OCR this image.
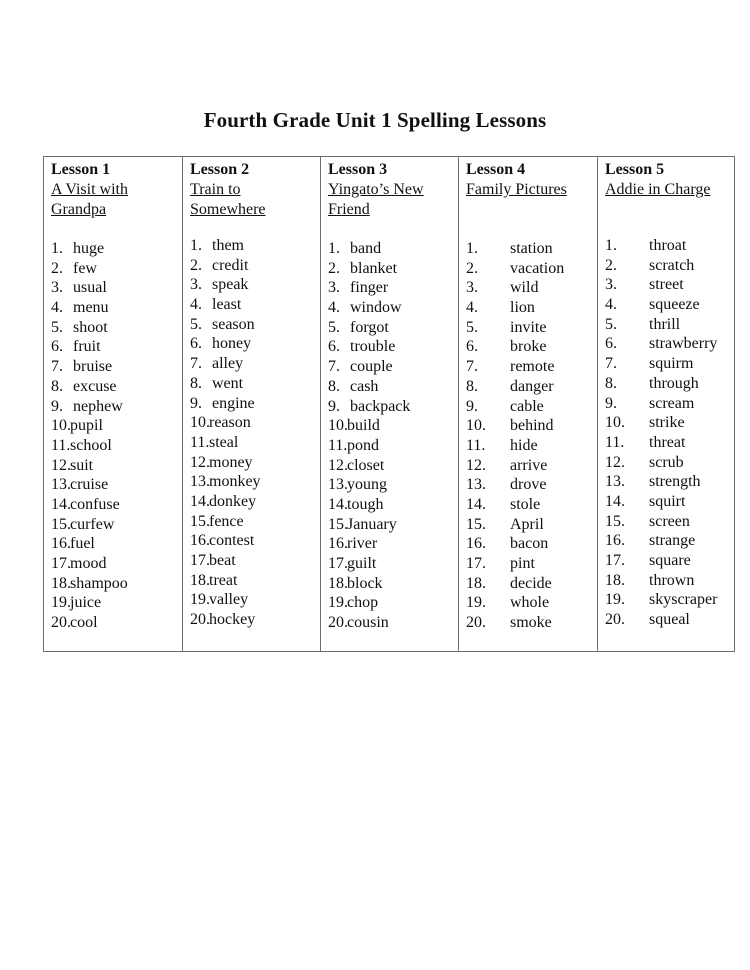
Fourth Grade Unit 1 Spelling Lessons
Lesson 1
A Visit with
Grandpa
1. huge
2. few
3. usual
4. menu
5. shoot
6. fruit
7. bruise
8. excuse
9. nephew
10. pupil
11. school
12. suit
13. cruise
14. confuse
15. curfew
16. fuel
17. mood
18. shampoo
19. juice
20. cool
Lesson 2
Train to
Somewhere
1. them
2. credit
3. speak
4. least
5. season
6. honey
7. alley
8. went
9. engine
10. reason
11. steal
12. money
13. monkey
14. donkey
15. fence
16. contest
17. beat
18. treat
19. valley
20. hockey
Lesson 3
Yingato’s New
Friend
1. band
2. blanket
3. finger
4. window
5. forgot
6. trouble
7. couple
8. cash
9. backpack
10. build
11. pond
12. closet
13. young
14. tough
15. January
16. river
17. guilt
18. block
19. chop
20. cousin
Lesson 4
Family Pictures
1. station
2. vacation
3. wild
4. lion
5. invite
6. broke
7. remote
8. danger
9. cable
10. behind
11. hide
12. arrive
13. drove
14. stole
15. April
16. bacon
17. pint
18. decide
19. whole
20. smoke
Lesson 5
Addie in Charge
1. throat
2. scratch
3. street
4. squeeze
5. thrill
6. strawberry
7. squirm
8. through
9. scream
10. strike
11. threat
12. scrub
13. strength
14. squirt
15. screen
16. strange
17. square
18. thrown
19. skyscraper
20. squeal
